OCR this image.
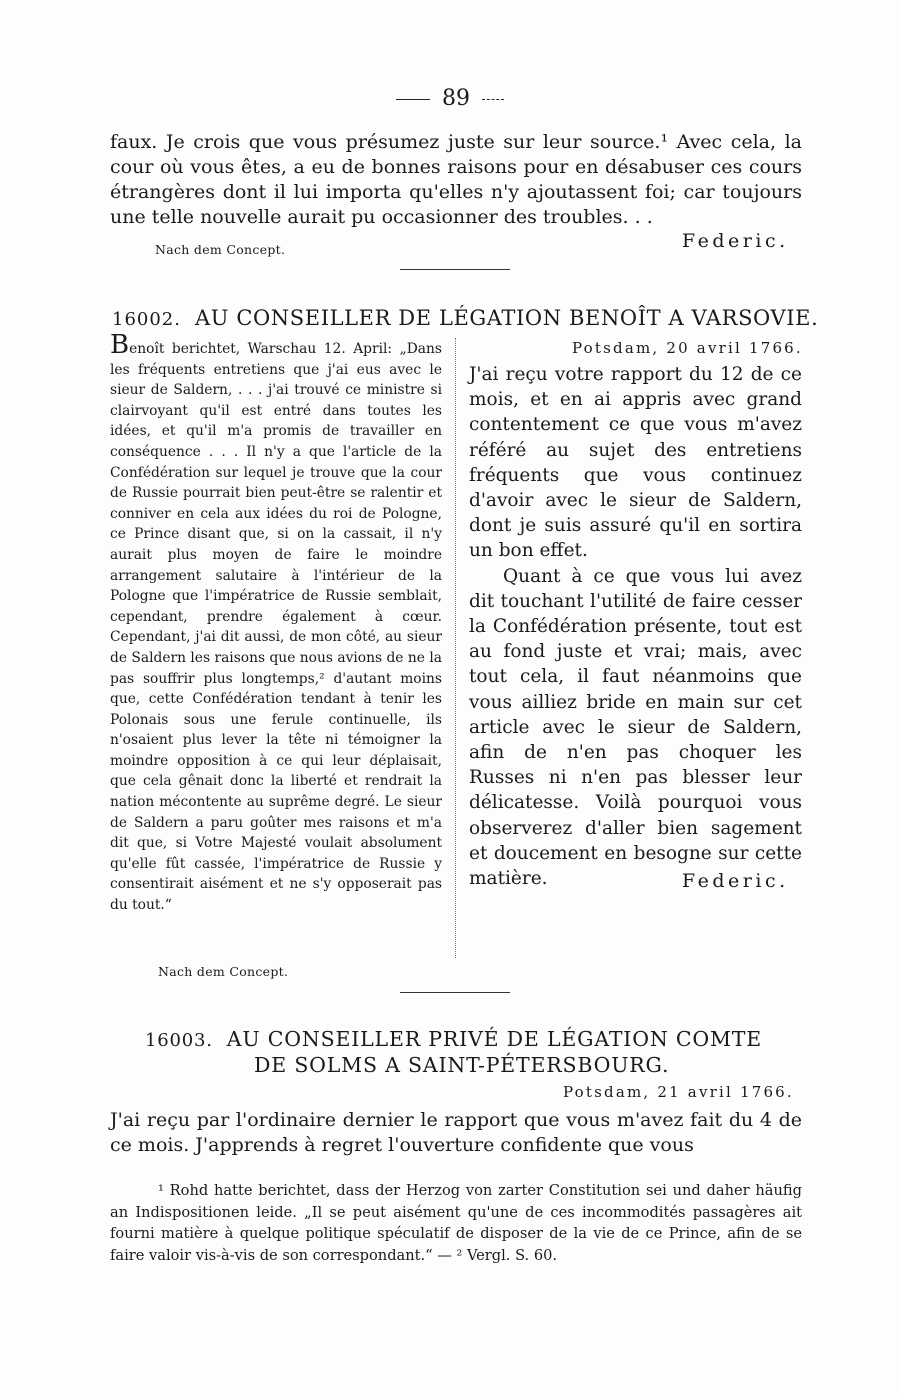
89
faux. Je crois que vous présumez juste sur leur source.¹ Avec cela, la cour où vous êtes, a eu de bonnes raisons pour en désabuser ces cours étrangères dont il lui importa qu'elles n'y ajoutassent foi; car toujours une telle nouvelle aurait pu occasionner des troubles. . .
Nach dem Concept.	Federic.
16002. AU CONSEILLER DE LÉGATION BENOÎT A VARSOVIE.
Benoît berichtet, Warschau 12. April: „Dans les fréquents entretiens que j'ai eus avec le sieur de Saldern, . . . j'ai trouvé ce ministre si clairvoyant qu'il est entré dans toutes les idées, et qu'il m'a promis de travailler en conséquence . . . Il n'y a que l'article de la Confédération sur lequel je trouve que la cour de Russie pourrait bien peut-être se ralentir et conniver en cela aux idées du roi de Pologne, ce Prince disant que, si on la cassait, il n'y aurait plus moyen de faire le moindre arrangement salutaire à l'intérieur de la Pologne que l'impératrice de Russie semblait, cependant, prendre également à cœur. Cependant, j'ai dit aussi, de mon côté, au sieur de Saldern les raisons que nous avions de ne la pas souffrir plus longtemps,² d'autant moins que, cette Confédération tendant à tenir les Polonais sous une ferule continuelle, ils n'osaient plus lever la tête ni témoigner la moindre opposition à ce qui leur déplaisait, que cela gênait donc la liberté et rendrait la nation mécontente au suprême degré. Le sieur de Saldern a paru goûter mes raisons et m'a dit que, si Votre Majesté voulait absolument qu'elle fût cassée, l'impératrice de Russie y consentirait aisément et ne s'y opposerait pas du tout.“
Nach dem Concept.
Potsdam, 20 avril 1766.

J'ai reçu votre rapport du 12 de ce mois, et en ai appris avec grand contentement ce que vous m'avez référé au sujet des entretiens fréquents que vous continuez d'avoir avec le sieur de Saldern, dont je suis assuré qu'il en sortira un bon effet.

Quant à ce que vous lui avez dit touchant l'utilité de faire cesser la Confédération présente, tout est au fond juste et vrai; mais, avec tout cela, il faut néanmoins que vous ailliez bride en main sur cet article avec le sieur de Saldern, afin de n'en pas choquer les Russes ni n'en pas blesser leur délicatesse. Voilà pourquoi vous observerez d'aller bien sagement et doucement en besogne sur cette matière.	Federic.
16003. AU CONSEILLER PRIVÉ DE LÉGATION COMTE
DE SOLMS A SAINT-PÉTERSBOURG.
Potsdam, 21 avril 1766.
J'ai reçu par l'ordinaire dernier le rapport que vous m'avez fait du 4 de ce mois. J'apprends à regret l'ouverture confidente que vous
¹ Rohd hatte berichtet, dass der Herzog von zarter Constitution sei und daher häufig an Indispositionen leide. „Il se peut aisément qu'une de ces incommodités passagères ait fourni matière à quelque politique spéculatif de disposer de la vie de ce Prince, afin de se faire valoir vis-à-vis de son correspondant.“ — ² Vergl. S. 60.
